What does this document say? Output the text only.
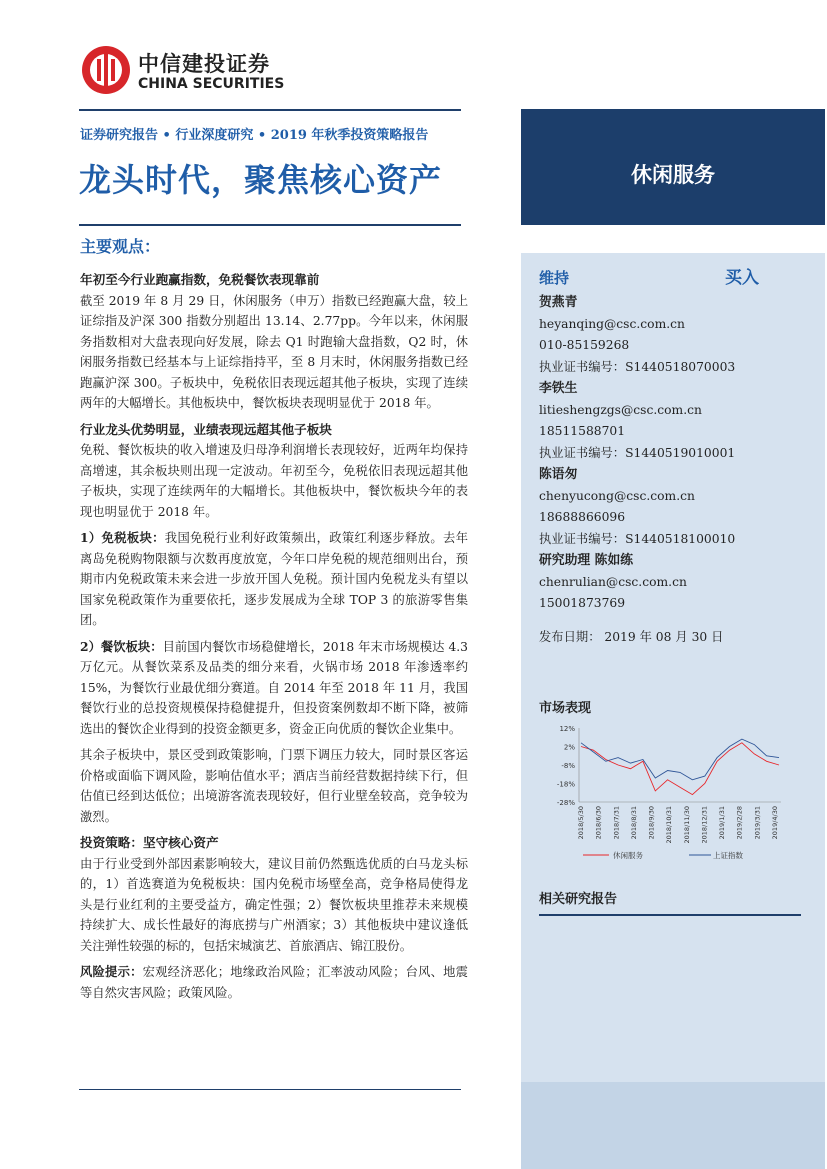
中信建投证券
CHINA SECURITIES
证券研究报告 • 行业深度研究 • 2019 年秋季投资策略报告
龙头时代，聚焦核心资产	休闲服务
主要观点：
年初至今行业跑赢指数，免税餐饮表现靠前

截至 2019 年 8 月 29 日，休闲服务（申万）指数已经跑赢大盘，较上证综指及沪深 300 指数分别超出 13.14、2.77pp。今年以来，休闲服务指数相对大盘表现向好发展，除去 Q1 时跑输大盘指数，Q2 时，休闲服务指数已经基本与上证综指持平，至 8 月末时，休闲服务指数已经跑赢沪深 300。子板块中，免税依旧表现远超其他子板块，实现了连续两年的大幅增长。其他板块中，餐饮板块表现明显优于 2018 年。

行业龙头优势明显，业绩表现远超其他子板块

免税、餐饮板块的收入增速及归母净利润增长表现较好，近两年均保持高增速，其余板块则出现一定波动。年初至今，免税依旧表现远超其他子板块，实现了连续两年的大幅增长。其他板块中，餐饮板块今年的表现也明显优于 2018 年。

1）免税板块：我国免税行业利好政策频出，政策红利逐步释放。去年离岛免税购物限额与次数再度放宽，今年口岸免税的规范细则出台，预期市内免税政策未来会进一步放开国人免税。预计国内免税龙头有望以国家免税政策作为重要依托，逐步发展成为全球 TOP 3 的旅游零售集团。

2）餐饮板块：目前国内餐饮市场稳健增长，2018 年末市场规模达 4.3 万亿元。从餐饮菜系及品类的细分来看，火锅市场 2018 年渗透率约 15%，为餐饮行业最优细分赛道。自 2014 年至 2018 年 11 月，我国餐饮行业的总投资规模保持稳健提升，但投资案例数却不断下降，被筛选出的餐饮企业得到的投资金额更多，资金正向优质的餐饮企业集中。

其余子板块中，景区受到政策影响，门票下调压力较大，同时景区客运价格或面临下调风险，影响估值水平；酒店当前经营数据持续下行，但估值已经到达低位；出境游客流表现较好，但行业壁垒较高，竞争较为激烈。

投资策略：坚守核心资产

由于行业受到外部因素影响较大，建议目前仍然甄选优质的白马龙头标的，1）首选赛道为免税板块：国内免税市场壁垒高，竞争格局使得龙头是行业红利的主要受益方，确定性强；2）餐饮板块里推荐未来规模持续扩大、成长性最好的海底捞与广州酒家；3）其他板块中建议逢低关注弹性较强的标的，包括宋城演艺、首旅酒店、锦江股份。

风险提示：宏观经济恶化；地缘政治风险；汇率波动风险；台风、地震等自然灾害风险；政策风险。

维持	买入
贺燕青
heyanqing@csc.com.cn
010-85159268
执业证书编号：S1440518070003
李铁生
litieshengzgs@csc.com.cn
18511588701
执业证书编号：S1440519010001
陈语匆
chenyucong@csc.com.cn
18688866096
执业证书编号：S1440518100010
研究助理 陈如练
chenrulian@csc.com.cn
15001873769
发布日期： 2019 年 08 月 30 日
市场表现
12%
2%
-8%
-18%
-28%
2018/5/30 2018/6/30 2018/7/31 2018/8/31 2018/9/30 2018/10/31 2018/11/30 2018/12/31 2019/1/31 2019/2/28 2019/3/31 2019/4/30
休闲服务	上证指数
相关研究报告
